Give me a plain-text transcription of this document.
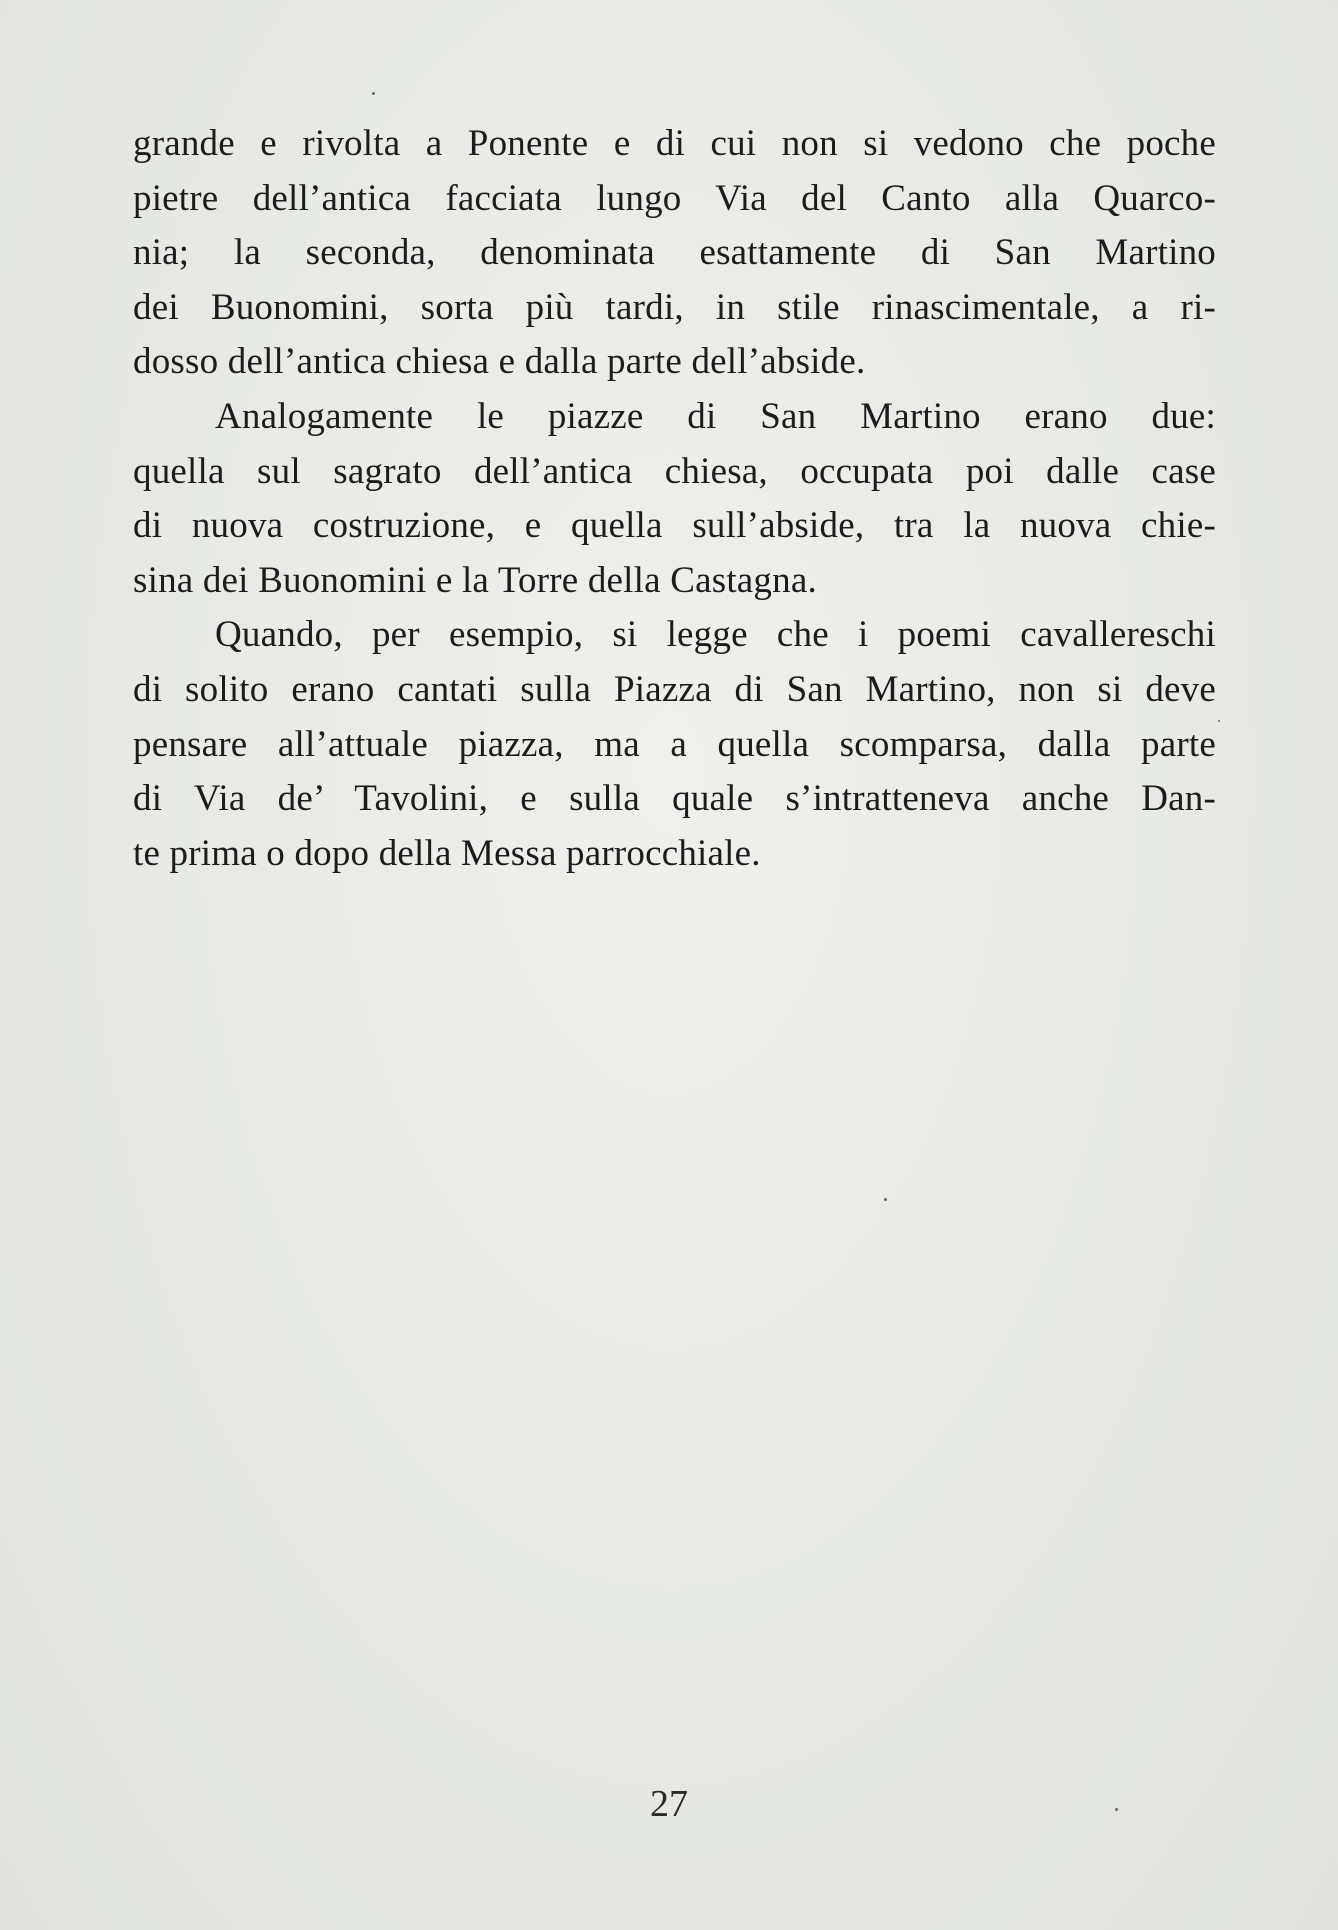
grande e rivolta a Ponente e di cui non si vedono che poche
pietre dell’antica facciata lungo Via del Canto alla Quarco-
nia; la seconda, denominata esattamente di San Martino
dei Buonomini, sorta più tardi, in stile rinascimentale, a ri-
dosso dell’antica chiesa e dalla parte dell’abside.
Analogamente le piazze di San Martino erano due:
quella sul sagrato dell’antica chiesa, occupata poi dalle case
di nuova costruzione, e quella sull’abside, tra la nuova chie-
sina dei Buonomini e la Torre della Castagna.
Quando, per esempio, si legge che i poemi cavallereschi
di solito erano cantati sulla Piazza di San Martino, non si deve
pensare all’attuale piazza, ma a quella scomparsa, dalla parte
di Via de’ Tavolini, e sulla quale s’intratteneva anche Dan-
te prima o dopo della Messa parrocchiale.
27
